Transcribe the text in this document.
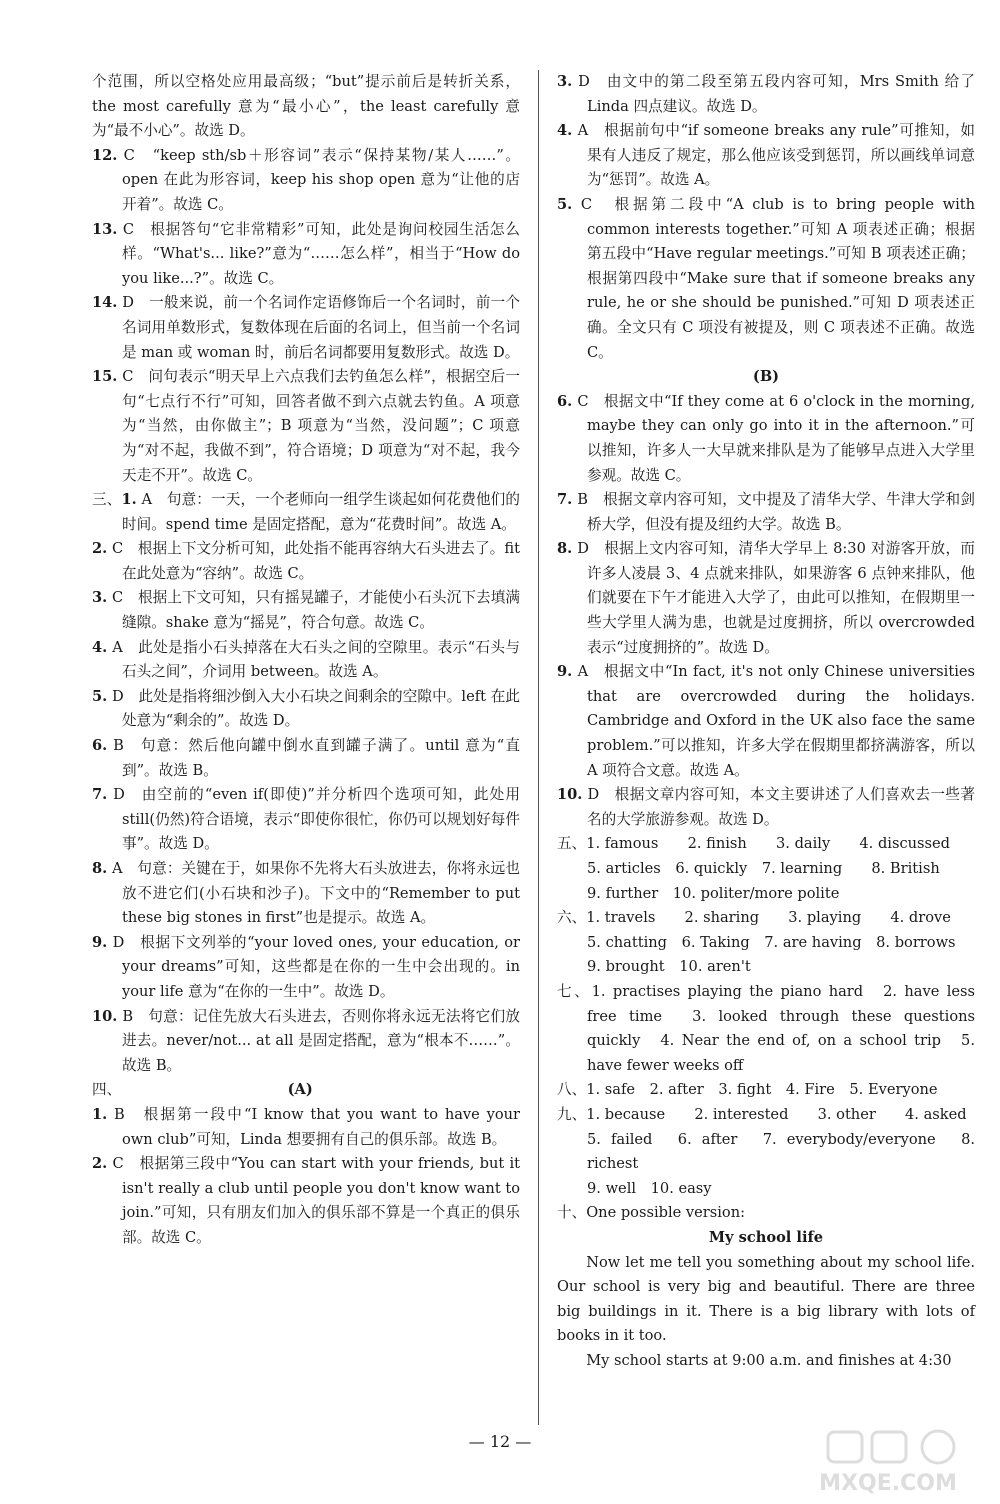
个范围，所以空格处应用最高级；“but”提示前后是转折关系，the most carefully 意为“最小心”，the least carefully 意为“最不小心”。故选 D。

12. C　“keep sth/sb＋形容词”表示“保持某物/某人……”。open 在此为形容词，keep his shop open 意为“让他的店开着”。故选 C。

13. C　根据答句“它非常精彩”可知，此处是询问校园生活怎么样。“What's... like?”意为“……怎么样”，相当于“How do you like...?”。故选 C。

14. D　一般来说，前一个名词作定语修饰后一个名词时，前一个名词用单数形式，复数体现在后面的名词上，但当前一个名词是 man 或 woman 时，前后名词都要用复数形式。故选 D。

15. C　问句表示“明天早上六点我们去钓鱼怎么样”，根据空后一句“七点行不行”可知，回答者做不到六点就去钓鱼。A 项意为“当然，由你做主”；B 项意为“当然，没问题”；C 项意为“对不起，我做不到”，符合语境；D 项意为“对不起，我今天走不开”。故选 C。

三、1. A　句意：一天，一个老师向一组学生谈起如何花费他们的时间。spend time 是固定搭配，意为“花费时间”。故选 A。

2. C　根据上下文分析可知，此处指不能再容纳大石头进去了。fit 在此处意为“容纳”。故选 C。

3. C　根据上下文可知，只有摇晃罐子，才能使小石头沉下去填满缝隙。shake 意为“摇晃”，符合句意。故选 C。

4. A　此处是指小石头掉落在大石头之间的空隙里。表示“石头与石头之间”，介词用 between。故选 A。

5. D　此处是指将细沙倒入大小石块之间剩余的空隙中。left 在此处意为“剩余的”。故选 D。

6. B　句意：然后他向罐中倒水直到罐子满了。until 意为“直到”。故选 B。

7. D　由空前的“even if(即使)”并分析四个选项可知，此处用 still(仍然)符合语境，表示“即使你很忙，你仍可以规划好每件事”。故选 D。

8. A　句意：关键在于，如果你不先将大石头放进去，你将永远也放不进它们(小石块和沙子)。下文中的“Remember to put these big stones in first”也是提示。故选 A。

9. D　根据下文列举的“your loved ones, your education, or your dreams”可知，这些都是在你的一生中会出现的。in your life 意为“在你的一生中”。故选 D。

10. B　句意：记住先放大石头进去，否则你将永远无法将它们放进去。never/not... at all 是固定搭配，意为“根本不……”。故选 B。

四、	(A)

1. B　根据第一段中“I know that you want to have your own club”可知，Linda 想要拥有自己的俱乐部。故选 B。

2. C　根据第三段中“You can start with your friends, but it isn't really a club until people you don't know want to join.”可知，只有朋友们加入的俱乐部不算是一个真正的俱乐部。故选 C。

3. D　由文中的第二段至第五段内容可知，Mrs Smith 给了 Linda 四点建议。故选 D。

4. A　根据前句中“if someone breaks any rule”可推知，如果有人违反了规定，那么他应该受到惩罚，所以画线单词意为“惩罚”。故选 A。

5. C　根据第二段中“A club is to bring people with common interests together.”可知 A 项表述正确；根据第五段中“Have regular meetings.”可知 B 项表述正确；根据第四段中“Make sure that if someone breaks any rule, he or she should be punished.”可知 D 项表述正确。全文只有 C 项没有被提及，则 C 项表述不正确。故选 C。

(B)

6. C　根据文中“If they come at 6 o'clock in the morning, maybe they can only go into it in the afternoon.”可以推知，许多人一大早就来排队是为了能够早点进入大学里参观。故选 C。

7. B　根据文章内容可知，文中提及了清华大学、牛津大学和剑桥大学，但没有提及纽约大学。故选 B。

8. D　根据上文内容可知，清华大学早上 8:30 对游客开放，而许多人凌晨 3、4 点就来排队，如果游客 6 点钟来排队，他们就要在下午才能进入大学了，由此可以推知，在假期里一些大学里人满为患，也就是过度拥挤，所以 overcrowded 表示“过度拥挤的”。故选 D。

9. A　根据文中“In fact, it's not only Chinese universities that are overcrowded during the holidays. Cambridge and Oxford in the UK also face the same problem.”可以推知，许多大学在假期里都挤满游客，所以 A 项符合文意。故选 A。

10. D　根据文章内容可知，本文主要讲述了人们喜欢去一些著名的大学旅游参观。故选 D。

五、1. famous　　2. finish　　3. daily　　4. discussed

5. articles　6. quickly　7. learning　　8. British

9. further　10. politer/more polite

六、1. travels　　2. sharing　　3. playing　　4. drove

5. chatting　6. Taking　7. are having　8. borrows

9. brought　10. aren't

七、1. practises playing the piano hard　2. have less free time　3. looked through these questions quickly　4. Near the end of, on a school trip　5. have fewer weeks off

八、1. safe　2. after　3. fight　4. Fire　5. Everyone

九、1. because　　2. interested　　3. other　　4. asked

5. failed　6. after　7. everybody/everyone　8. richest

9. well　10. easy

十、One possible version:

My school life

Now let me tell you something about my school life. Our school is very big and beautiful. There are three big buildings in it. There is a big library with lots of books in it too.

My school starts at 9:00 a.m. and finishes at 4:30

— 12 —
MXQE.COM
